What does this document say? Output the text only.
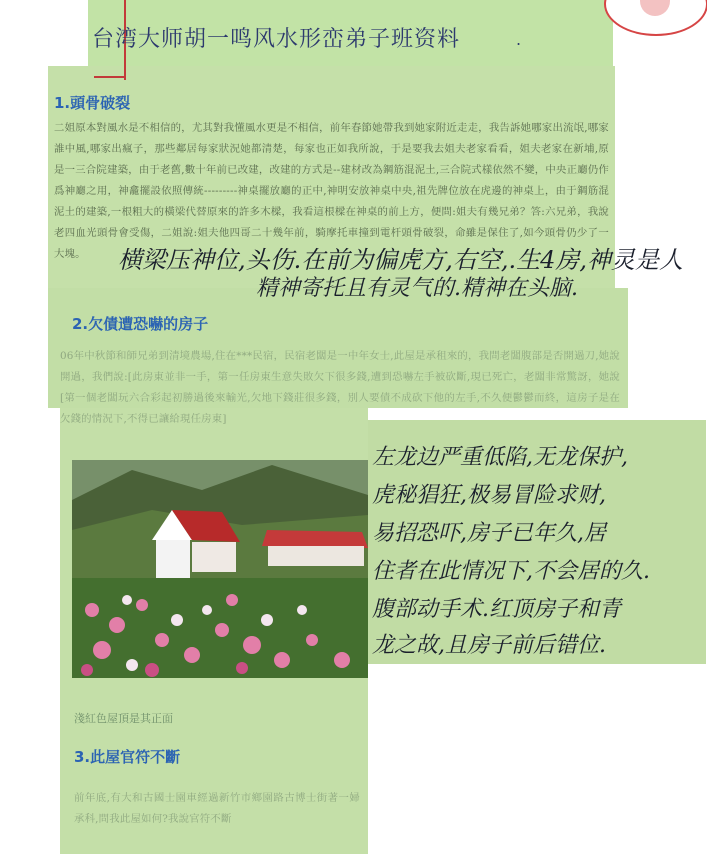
台湾大师胡一鸣风水形峦弟子班资料	.
1.頭骨破裂
二姐原本對風水是不相信的，尤其對我懂風水更是不相信，前年春節她帶我到她家附近走走，我告訴她哪家出流氓,哪家誰中風,哪家出瘋子，那些鄰居每家狀況她都清楚，每家也正如我所說，于是要我去姐夫老家看看，姐夫老家在新埔,原是一三合院建築，由于老舊,數十年前已改建，改建的方式是--建材改為鋼筋混泥土,三合院式樣依然不變，中央正廳仍作爲神廳之用，神龕擺設依照傳統---------神桌擺放廳的正中,神明安放神桌中央,祖先牌位放在虎邊的神桌上，由于鋼筋混泥土的建築,一根粗大的橫梁代替原來的許多木樑，我看這根樑在神桌的前上方，便問:姐夫有幾兄弟？答:六兄弟，我說老四血光頭骨會受傷，二姐說:姐夫他四哥二十幾年前，騎摩托車撞到電杆頭骨破裂，命雖是保住了,如今頭骨仍少了一大塊。	横梁压神位,头伤.在前为偏虎方,右空,.生4房,神灵是人
精神寄托且有灵气的.精神在头脑.
2.欠債遭恐嚇的房子
06年中秋節和師兄弟到清境農場,住在***民宿，民宿老闆是一中年女士,此屋是承租來的，我問老闆腹部是否開過刀,她說開過，我們說:[此房東並非一手，第一任房東生意失敗欠下很多錢,遭到恐嚇左手被砍斷,現已死亡，老闆非常驚訝，她說[第一個老闆玩六合彩起初勝過後來輸光,欠地下錢莊很多錢，別人要債不成砍下他的左手,不久便鬱鬱而終，這房子是在欠錢的情況下,不得已讓給現任房東]
淺紅色屋頂是其正面
左龙边严重低陷,无龙保护,
虎秘猖狂,极易冒险求财,
易招恐吓,房子已年久,居
住者在此情况下,不会居的久.
腹部动手术.红顶房子和青
龙之故,且房子前后错位.
3.此屋官符不斷
前年底,有大和古國士園車經過新竹市鄉園路古博士街著一婦承科,問我此屋如何?我說官符不斷
